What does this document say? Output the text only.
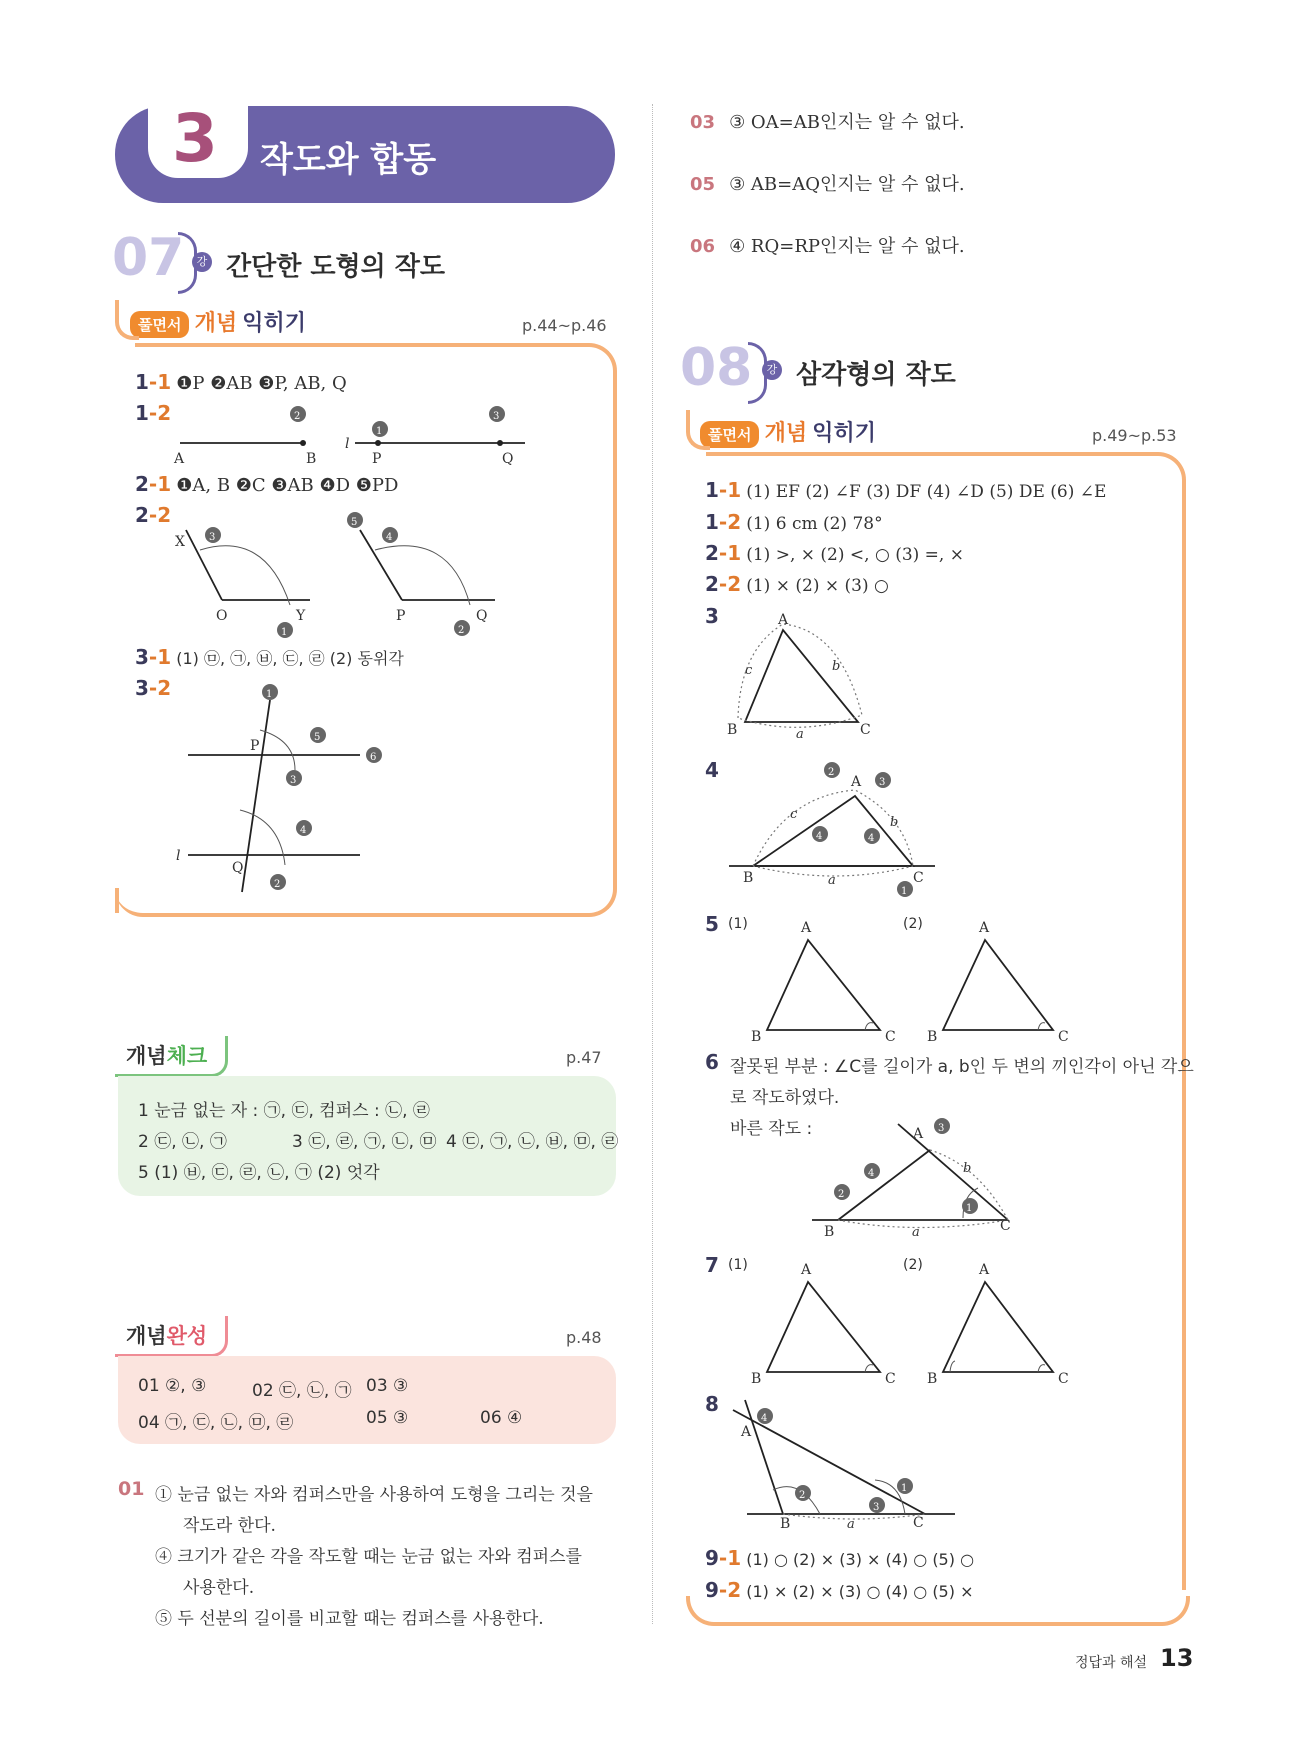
3 작도와 합동
07	강 간단한 도형의 작도
풀면서 개념 익히기	p.44~p.46
1-1 ❶P ❷AB ❸P, AB, Q
1-2
A	B
2
l
P	Q
1
3
2-1 ❶A, B ❷C ❸AB ❹D ❺PD
2-2
X
O	Y
3
1
P	Q
5
4
2
3-1 (1) ㉤, ㉠, ㉥, ㉢, ㉣ (2) 동위각
3-2
P
Q
l
1
5
6
3
4
2
개념체크	p.47
1 눈금 없는 자 : ㉠, ㉢, 컴퍼스 : ㉡, ㉣
2 ㉢, ㉡, ㉠	3 ㉢, ㉣, ㉠, ㉡, ㉤ 4 ㉢, ㉠, ㉡, ㉥, ㉤, ㉣
5 (1) ㉥, ㉢, ㉣, ㉡, ㉠ (2) 엇각
개념완성	p.48
01 ②, ③	02 ㉢, ㉡, ㉠ 03 ③
04 ㉠, ㉢, ㉡, ㉤, ㉣	05 ③	06 ④
01 ① 눈금 없는 자와 컴퍼스만을 사용하여 도형을 그리는 것을
작도라 한다.
④ 크기가 같은 각을 작도할 때는 눈금 없는 자와 컴퍼스를
사용한다.
⑤ 두 선분의 길이를 비교할 때는 컴퍼스를 사용한다.
03 ③ OA=AB인지는 알 수 없다.
05 ③ AB=AQ인지는 알 수 없다.
06 ④ RQ=RP인지는 알 수 없다.
08	강 삼각형의 작도
풀면서 개념 익히기	p.49~p.53
1-1 (1) EF (2) ∠F (3) DF (4) ∠D (5) DE (6) ∠E
1-2 (1) 6 cm (2) 78°
2-1 (1) >, × (2) <, ○ (3) =, ×
2-2 (1) × (2) × (3) ○
3	A
B	C
c	b
a
4	A
B	C
c
b
a
2
3
4	4
1
5 (1)	(2)
A
B	C
A
B	C
6 잘못된 부분 : ∠C를 길이가 a, b인 두 변의 끼인각이 아닌 각으
로 작도하였다.
바른 작도 :	A
B	C
b
a
3
4
2
1
7 (1)	(2)
A
B	C
A
B	C
8
A
B	C
a
4
2
1
3
9-1 (1) ○ (2) × (3) × (4) ○ (5) ○
9-2 (1) × (2) × (3) ○ (4) ○ (5) ×
정답과 해설 13
